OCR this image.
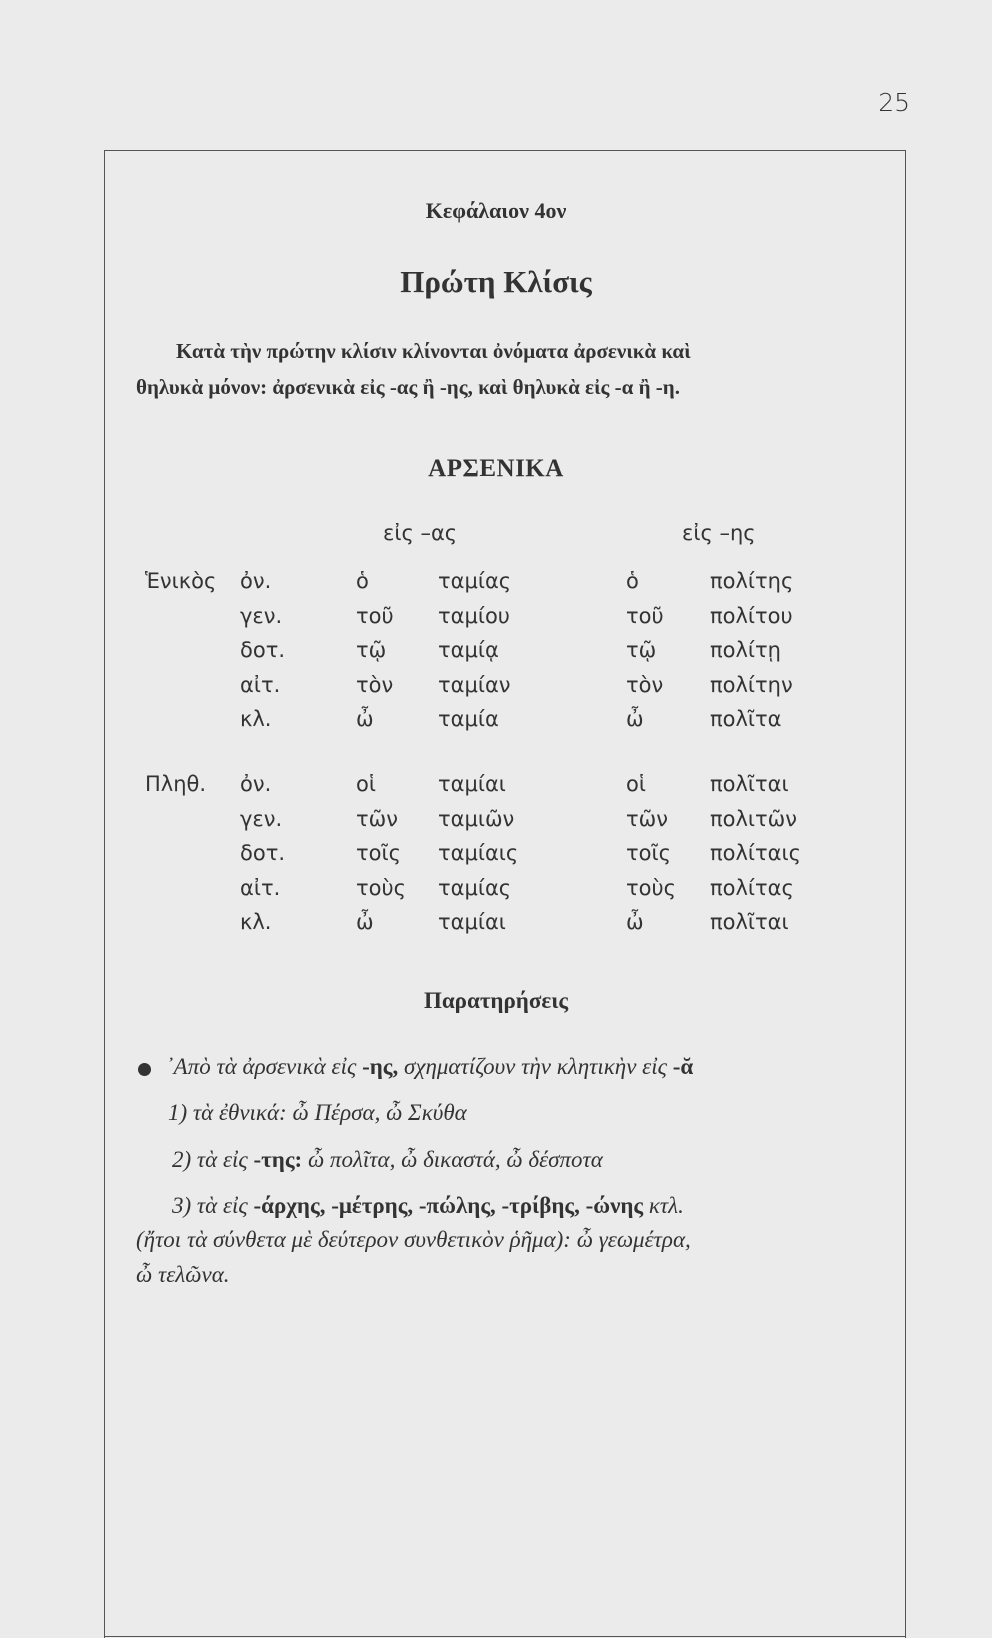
25
Κεφάλαιον 4ον
Πρώτη Κλίσις
Κατὰ τὴν πρώτην κλίσιν κλίνονται ὀνόματα ἀρσενικὰ καὶ
θηλυκὰ μόνον: ἀρσενικὰ εἰς -ας ἢ -ης, καὶ θηλυκὰ εἰς -α ἢ -η.
ΑΡΣΕΝΙΚΑ
εἰς –ας	εἰς –ης
Ἑνικὸς ὀν.	ὁ	ταμίας	ὁ	πολίτης
γεν.	τοῦ ταμίου	τοῦ πολίτου
δοτ.	τῷ ταμίᾳ	τῷ	πολίτῃ
αἰτ.	τὸν ταμίαν	τὸν πολίτην
κλ.	ὦ	ταμία	ὦ	πολῖτα
Πληθ. ὀν.	οἱ	ταμίαι	οἱ	πολῖται
γεν.	τῶν ταμιῶν	τῶν πολιτῶν
δοτ.	τοῖς ταμίαις	τοῖς πολίταις
αἰτ.	τοὺς ταμίας	τοὺς πολίτας
κλ.	ὦ	ταμίαι	ὦ	πολῖται
Παρατηρήσεις
᾿Απὸ τὰ ἀρσενικὰ εἰς -ης, σχηματίζουν τὴν κλητικὴν εἰς -ᾰ
1) τὰ ἐθνικά: ὦ Πέρσα, ὦ Σκύθα
2) τὰ εἰς -της: ὦ πολῖτα, ὦ δικαστά, ὦ δέσποτα
3) τὰ εἰς -άρχης, -μέτρης, -πώλης, -τρίβης, -ώνης κτλ.
(ἤτοι τὰ σύνθετα μὲ δεύτερον συνθετικὸν ῥῆμα): ὦ γεωμέτρα,
ὦ τελῶνα.
